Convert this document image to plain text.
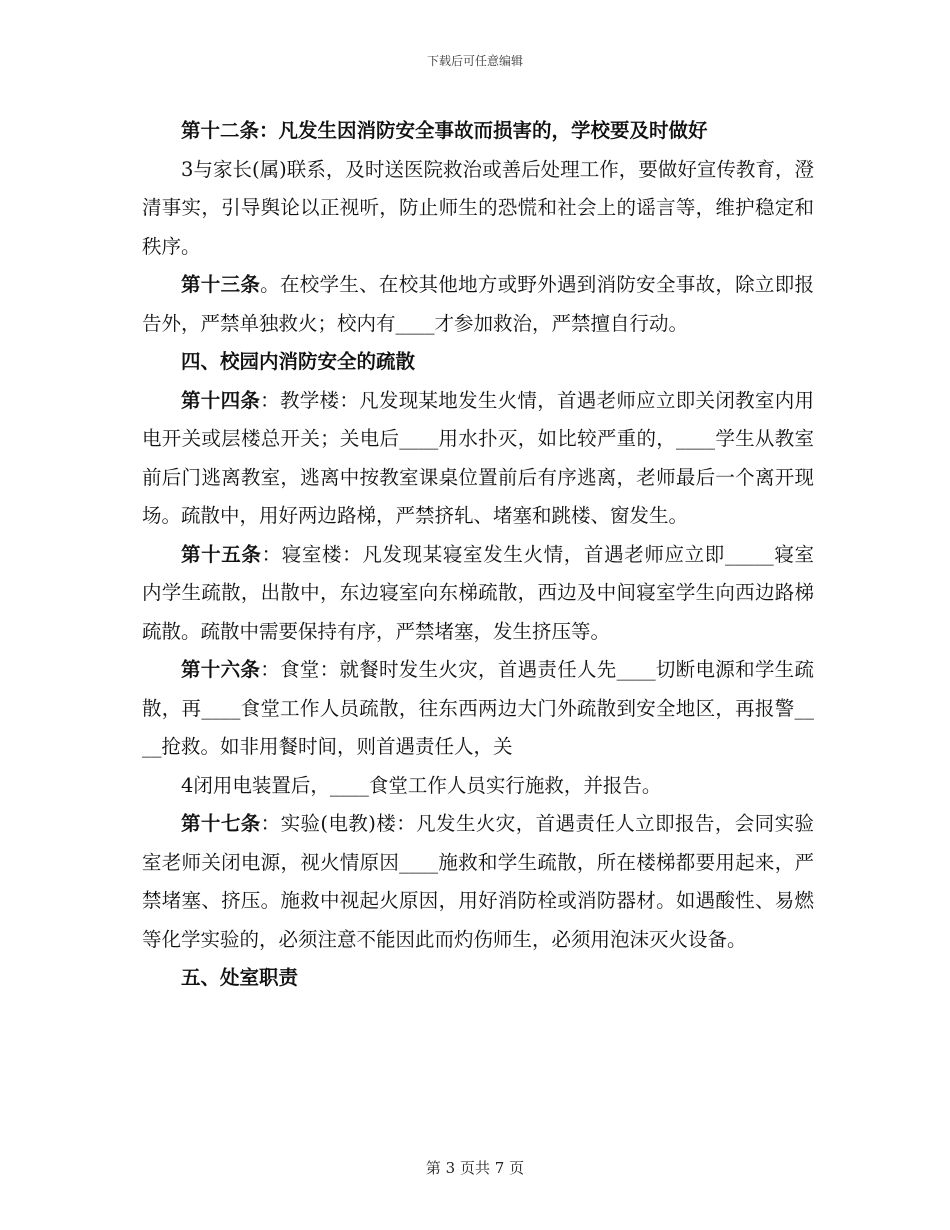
下载后可任意编辑

第十二条：凡发生因消防安全事故而损害的，学校要及时做好

3与家长(属)联系，及时送医院救治或善后处理工作，要做好宣传教育，澄清事实，引导舆论以正视听，防止师生的恐慌和社会上的谣言等，维护稳定和秩序。

第十三条。在校学生、在校其他地方或野外遇到消防安全事故，除立即报告外，严禁单独救火；校内有____才参加救治，严禁擅自行动。

四、校园内消防安全的疏散

第十四条：教学楼：凡发现某地发生火情，首遇老师应立即关闭教室内用电开关或层楼总开关；关电后____用水扑灭，如比较严重的，____学生从教室前后门逃离教室，逃离中按教室课桌位置前后有序逃离，老师最后一个离开现场。疏散中，用好两边路梯，严禁挤轧、堵塞和跳楼、窗发生。

第十五条：寝室楼：凡发现某寝室发生火情，首遇老师应立即_____寝室内学生疏散，出散中，东边寝室向东梯疏散，西边及中间寝室学生向西边路梯疏散。疏散中需要保持有序，严禁堵塞，发生挤压等。

第十六条：食堂：就餐时发生火灾，首遇责任人先____切断电源和学生疏散，再____食堂工作人员疏散，往东西两边大门外疏散到安全地区，再报警____抢救。如非用餐时间，则首遇责任人，关

4闭用电装置后，____食堂工作人员实行施救，并报告。

第十七条：实验(电教)楼：凡发生火灾，首遇责任人立即报告，会同实验室老师关闭电源，视火情原因____施救和学生疏散，所在楼梯都要用起来，严禁堵塞、挤压。施救中视起火原因，用好消防栓或消防器材。如遇酸性、易燃等化学实验的，必须注意不能因此而灼伤师生，必须用泡沫灭火设备。

五、处室职责

第 3 页共 7 页
